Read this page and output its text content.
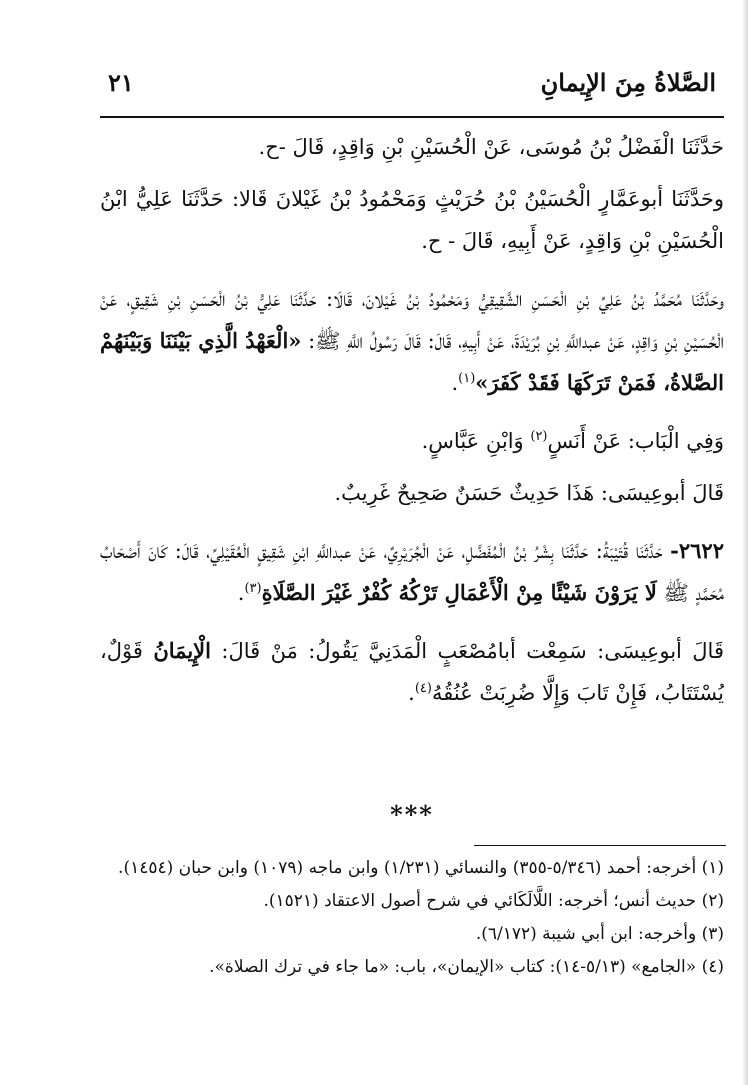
الصَّلاةُ مِنَ الإِيمانِ
٢١

حَدَّثَنَا الْفَضْلُ بْنُ مُوسَى، عَنْ الْحُسَيْنِ بْنِ وَاقِدٍ، قَالَ -ح.

وحَدَّثَنَا أبوعَمَّارٍ الْحُسَيْنُ بْنُ حُرَيْثٍ وَمَحْمُودُ بْنُ غَيْلانَ قَالا: حَدَّثَنَا عَلِيُّ ابْنُ الْحُسَيْنِ بْنِ وَاقِدٍ، عَنْ أَبِيهِ، قَالَ - ح.

وحَدَّثَنَا مُحَمَّدُ بْنُ عَلِيِّ بْنِ الْحَسَنِ الشَّقِيقِيُّ وَمَحْمُودُ بْنُ غَيْلانَ، قَالَا: حَدَّثَنَا عَلِيُّ بْنُ الْحَسَنِ بْنِ شَقِيقٍ، عَنْ الْحُسَيْنِ بْنِ وَاقِدٍ، عَنْ عبداللَّهِ بْنِ بُرَيْدَةَ، عَنْ أَبِيهِ، قَالَ: قَالَ رَسُولُ اللَّهِ ﷺ: «الْعَهْدُ الَّذِي بَيْنَنَا وَبَيْنَهُمْ الصَّلاةُ، فَمَنْ تَرَكَهَا فَقَدْ كَفَرَ»$^{(١)}$.

وَفِي الْبَاب: عَنْ أَنَسٍ$^{(٢)}$ وَابْنِ عَبَّاسٍ.

قَالَ أبوعِيسَى: هَذَا حَدِيثٌ حَسَنٌ صَحِيحٌ غَرِيبٌ.

٢٦٢٢- حَدَّثَنَا قُتَيْبَةُ: حَدَّثَنَا بِشْرُ بْنُ الْمُفَضَّلِ، عَنْ الْجُرَيْرِيِّ، عَنْ عبداللَّهِ ابْنِ شَقِيقٍ الْعُقَيْلِيِّ، قَالَ: كَانَ أَصْحَابُ مُحَمَّدٍ ﷺ لَا يَرَوْنَ شَيْئًا مِنْ الْأَعْمَالِ تَرْكُهُ كُفْرٌ غَيْرَ الصَّلَاةِ$^{(٣)}$.

قَالَ أبوعِيسَى: سَمِعْت أبامُصْعَبٍ الْمَدَنِيَّ يَقُولُ: مَنْ قَالَ: الْإِيمَانُ قَوْلٌ، يُسْتَتَابُ، فَإِنْ تَابَ وَإِلَّا ضُرِبَتْ عُنُقُهُ$^{(٤)}$.

***

(١) أخرجه: أحمد (٥/٣٤٦-٣٥٥) والنسائي (١/٢٣١) وابن ماجه (١٠٧٩) وابن حبان (١٤٥٤).

(٢) حديث أنس؛ أخرجه: اللَّالَكَائي في شرح أصول الاعتقاد (١٥٢١).

(٣) وأخرجه: ابن أبي شيبة (٦/١٧٢).

(٤) «الجامع» (٥/١٣-١٤): كتاب «الإيمان»، باب: «ما جاء في ترك الصلاة».
